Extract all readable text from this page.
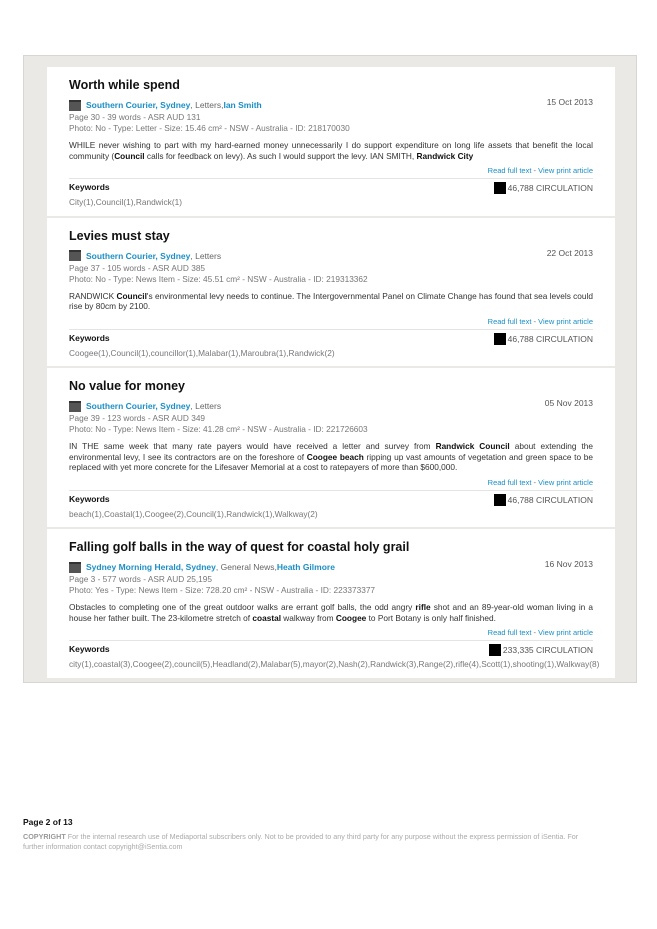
Worth while spend
15 Oct 2013
Southern Courier, Sydney , Letters, Ian Smith
Page 30 - 39 words - ASR AUD 131
Photo: No - Type: Letter - Size: 15.46 cm² - NSW - Australia - ID: 218170030
WHILE never wishing to part with my hard-earned money unnecessarily I do support expenditure on long life assets that benefit the local community (Council calls for feedback on levy). As such I would support the levy. IAN SMITH, Randwick City
Read full text - View print article
Keywords	46,788 CIRCULATION
City(1),Council(1),Randwick(1)
Levies must stay
22 Oct 2013
Southern Courier, Sydney , Letters
Page 37 - 105 words - ASR AUD 385
Photo: No - Type: News Item - Size: 45.51 cm² - NSW - Australia - ID: 219313362
RANDWICK Council's environmental levy needs to continue. The Intergovernmental Panel on Climate Change has found that sea levels could rise by 80cm by 2100.
Read full text - View print article
Keywords	46,788 CIRCULATION
Coogee(1),Council(1),councillor(1),Malabar(1),Maroubra(1),Randwick(2)
No value for money
05 Nov 2013
Southern Courier, Sydney , Letters
Page 39 - 123 words - ASR AUD 349
Photo: No - Type: News Item - Size: 41.28 cm² - NSW - Australia - ID: 221726603
IN THE same week that many rate payers would have received a letter and survey from Randwick Council about extending the environmental levy, I see its contractors are on the foreshore of Coogee beach ripping up vast amounts of vegetation and green space to be replaced with yet more concrete for the Lifesaver Memorial at a cost to ratepayers of more than $600,000.
Read full text - View print article
Keywords	46,788 CIRCULATION
beach(1),Coastal(1),Coogee(2),Council(1),Randwick(1),Walkway(2)
Falling golf balls in the way of quest for coastal holy grail
16 Nov 2013
Sydney Morning Herald, Sydney , General News, Heath Gilmore
Page 3 - 577 words - ASR AUD 25,195
Photo: Yes - Type: News Item - Size: 728.20 cm² - NSW - Australia - ID: 223373377
Obstacles to completing one of the great outdoor walks are errant golf balls, the odd angry rifle shot and an 89-year-old woman living in a house her father built. The 23-kilometre stretch of coastal walkway from Coogee to Port Botany is only half finished.
Read full text - View print article
Keywords	233,335 CIRCULATION
city(1),coastal(3),Coogee(2),council(5),Headland(2),Malabar(5),mayor(2),Nash(2),Randwick(3),Range(2),rifle(4),Scott(1),shooting(1),Walkway(8)
Page 2 of 13
COPYRIGHT For the internal research use of Mediaportal subscribers only. Not to be provided to any third party for any purpose without the express permission of iSentia. For further information contact copyright@iSentia.com
